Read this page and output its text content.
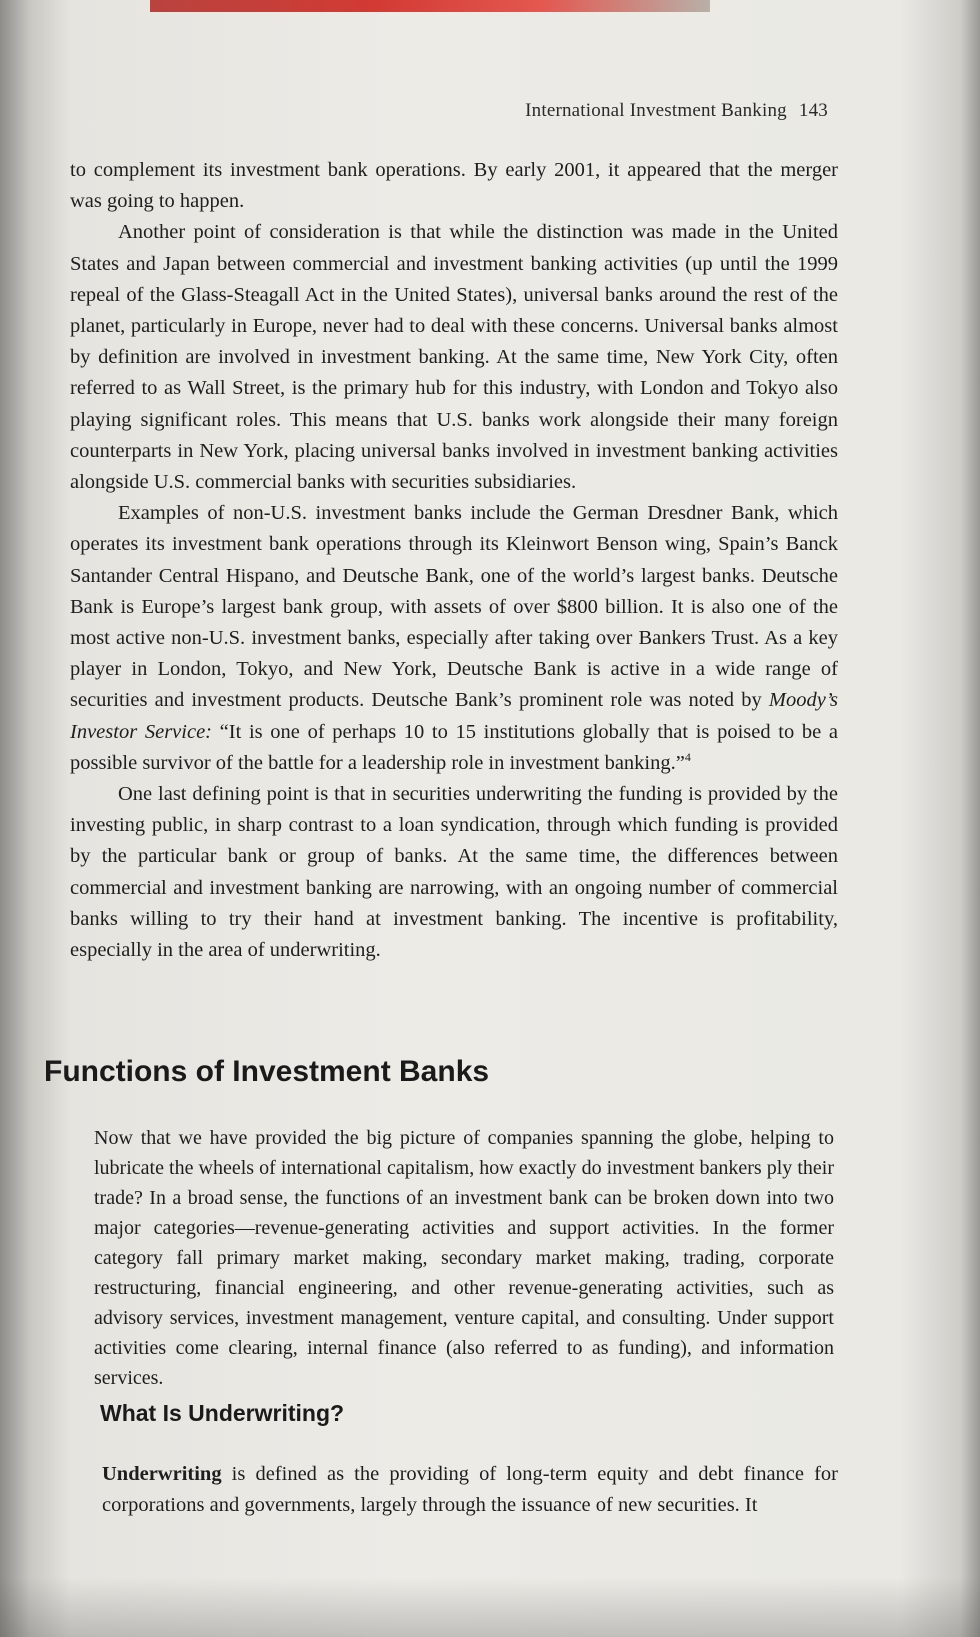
International Investment Banking 143

to complement its investment bank operations. By early 2001, it appeared that the merger was going to happen.

Another point of consideration is that while the distinction was made in the United States and Japan between commercial and investment banking activities (up until the 1999 repeal of the Glass-Steagall Act in the United States), universal banks around the rest of the planet, particularly in Europe, never had to deal with these concerns. Universal banks almost by definition are involved in investment banking. At the same time, New York City, often referred to as Wall Street, is the primary hub for this industry, with London and Tokyo also playing significant roles. This means that U.S. banks work alongside their many foreign counterparts in New York, placing universal banks involved in investment banking activities alongside U.S. commercial banks with securities subsidiaries.

Examples of non-U.S. investment banks include the German Dresdner Bank, which operates its investment bank operations through its Kleinwort Benson wing, Spain’s Banck Santander Central Hispano, and Deutsche Bank, one of the world’s largest banks. Deutsche Bank is Europe’s largest bank group, with assets of over $800 billion. It is also one of the most active non-U.S. investment banks, especially after taking over Bankers Trust. As a key player in London, Tokyo, and New York, Deutsche Bank is active in a wide range of securities and investment products. Deutsche Bank’s prominent role was noted by Moody’s Investor Service: “It is one of perhaps 10 to 15 institutions globally that is poised to be a possible survivor of the battle for a leadership role in investment banking.”$^4$

One last defining point is that in securities underwriting the funding is provided by the investing public, in sharp contrast to a loan syndication, through which funding is provided by the particular bank or group of banks. At the same time, the differences between commercial and investment banking are narrowing, with an ongoing number of commercial banks willing to try their hand at investment banking. The incentive is profitability, especially in the area of underwriting.

Functions of Investment Banks

Now that we have provided the big picture of companies spanning the globe, helping to lubricate the wheels of international capitalism, how exactly do investment bankers ply their trade? In a broad sense, the functions of an investment bank can be broken down into two major categories—revenue-generating activities and support activities. In the former category fall primary market making, secondary market making, trading, corporate restructuring, financial engineering, and other revenue-generating activities, such as advisory services, investment management, venture capital, and consulting. Under support activities come clearing, internal finance (also referred to as funding), and information services.

What Is Underwriting?

Underwriting is defined as the providing of long-term equity and debt finance for corporations and governments, largely through the issuance of new securities. It
